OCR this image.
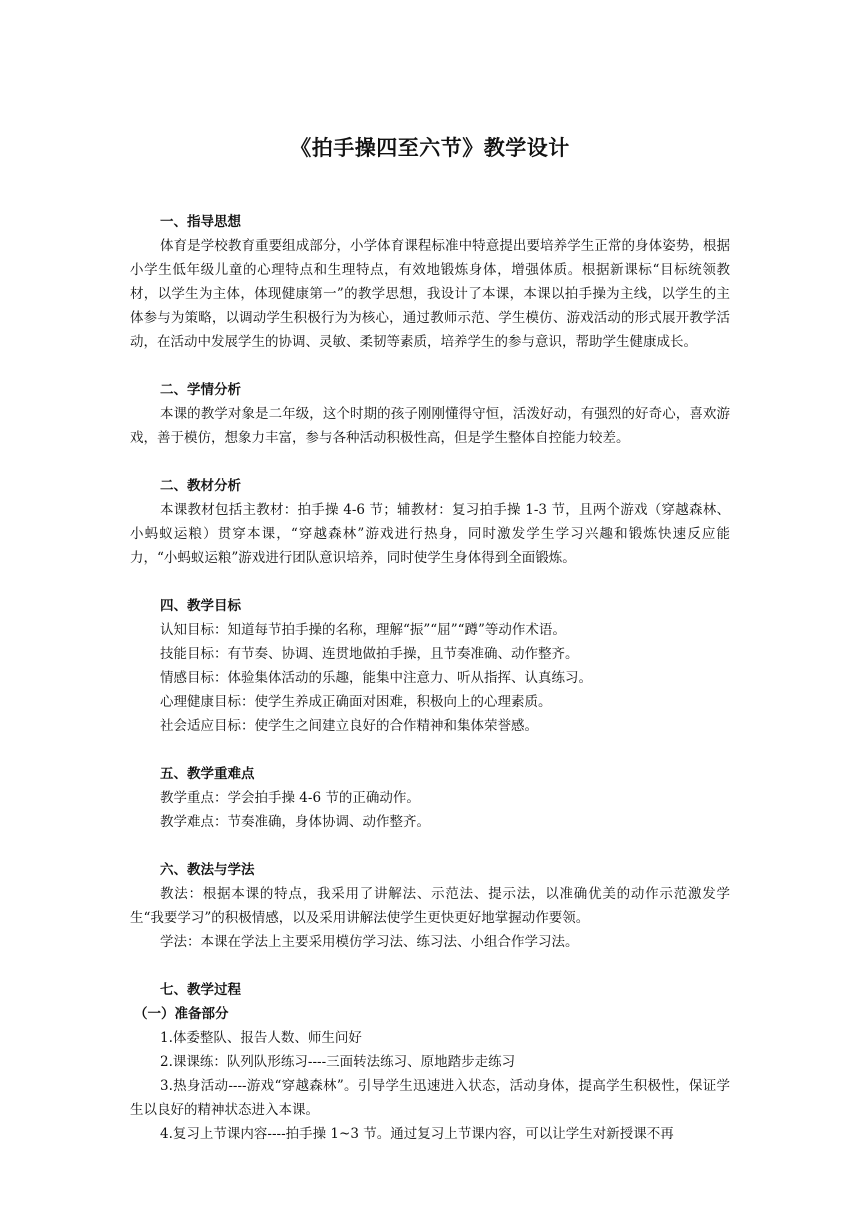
《拍手操四至六节》教学设计

一、指导思想

体育是学校教育重要组成部分，小学体育课程标准中特意提出要培养学生正常的身体姿势，根据小学生低年级儿童的心理特点和生理特点，有效地锻炼身体，增强体质。根据新课标“目标统领教材，以学生为主体，体现健康第一”的教学思想，我设计了本课，本课以拍手操为主线，以学生的主体参与为策略，以调动学生积极行为为核心，通过教师示范、学生模仿、游戏活动的形式展开教学活动，在活动中发展学生的协调、灵敏、柔韧等素质，培养学生的参与意识，帮助学生健康成长。

二、学情分析

本课的教学对象是二年级，这个时期的孩子刚刚懂得守恒，活泼好动，有强烈的好奇心，喜欢游戏，善于模仿，想象力丰富，参与各种活动积极性高，但是学生整体自控能力较差。

二、教材分析

本课教材包括主教材：拍手操 4-6 节；辅教材：复习拍手操 1-3 节，且两个游戏（穿越森林、小蚂蚁运粮）贯穿本课，“穿越森林”游戏进行热身，同时激发学生学习兴趣和锻炼快速反应能力，“小蚂蚁运粮”游戏进行团队意识培养，同时使学生身体得到全面锻炼。

四、教学目标

认知目标：知道每节拍手操的名称，理解“振”“屈”“蹲”等动作术语。

技能目标：有节奏、协调、连贯地做拍手操，且节奏准确、动作整齐。

情感目标：体验集体活动的乐趣，能集中注意力、听从指挥、认真练习。

心理健康目标：使学生养成正确面对困难，积极向上的心理素质。

社会适应目标：使学生之间建立良好的合作精神和集体荣誉感。

五、教学重难点

教学重点：学会拍手操 4-6 节的正确动作。

教学难点：节奏准确，身体协调、动作整齐。

六、教法与学法

教法：根据本课的特点，我采用了讲解法、示范法、提示法，以准确优美的动作示范激发学生“我要学习”的积极情感，以及采用讲解法使学生更快更好地掌握动作要领。

学法：本课在学法上主要采用模仿学习法、练习法、小组合作学习法。

七、教学过程

（一）准备部分

1.体委整队、报告人数、师生问好

2.课课练：队列队形练习----三面转法练习、原地踏步走练习

3.热身活动----游戏“穿越森林”。引导学生迅速进入状态，活动身体，提高学生积极性，保证学生以良好的精神状态进入本课。

4.复习上节课内容----拍手操 1~3 节。通过复习上节课内容，可以让学生对新授课不再
